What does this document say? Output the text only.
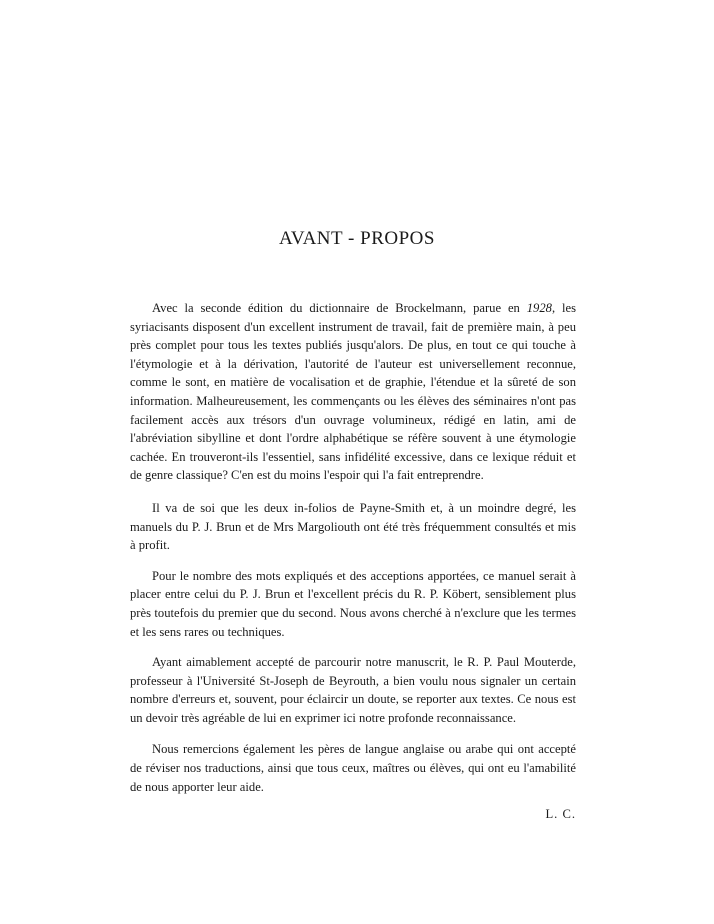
AVANT - PROPOS

Avec la seconde édition du dictionnaire de Brockelmann, parue en 1928, les syriacisants disposent d'un excellent instrument de travail, fait de première main, à peu près complet pour tous les textes publiés jusqu'alors. De plus, en tout ce qui touche à l'étymologie et à la dérivation, l'autorité de l'auteur est universellement reconnue, comme le sont, en matière de vocalisation et de graphie, l'étendue et la sûreté de son information. Malheureusement, les commençants ou les élèves des séminaires n'ont pas facilement accès aux trésors d'un ouvrage volumineux, rédigé en latin, ami de l'abréviation sibylline et dont l'ordre alphabétique se réfère souvent à une étymologie cachée. En trouveront-ils l'essentiel, sans infidélité excessive, dans ce lexique réduit et de genre classique? C'en est du moins l'espoir qui l'a fait entreprendre.

Il va de soi que les deux in-folios de Payne-Smith et, à un moindre degré, les manuels du P. J. Brun et de Mrs Margoliouth ont été très fréquemment consultés et mis à profit.

Pour le nombre des mots expliqués et des acceptions apportées, ce manuel serait à placer entre celui du P. J. Brun et l'excellent précis du R. P. Köbert, sensiblement plus près toutefois du premier que du second. Nous avons cherché à n'exclure que les termes et les sens rares ou techniques.

Ayant aimablement accepté de parcourir notre manuscrit, le R. P. Paul Mouterde, professeur à l'Université St-Joseph de Beyrouth, a bien voulu nous signaler un certain nombre d'erreurs et, souvent, pour éclaircir un doute, se reporter aux textes. Ce nous est un devoir très agréable de lui en exprimer ici notre profonde reconnaissance.

Nous remercions également les pères de langue anglaise ou arabe qui ont accepté de réviser nos traductions, ainsi que tous ceux, maîtres ou élèves, qui ont eu l'amabilité de nous apporter leur aide.

L. C.
